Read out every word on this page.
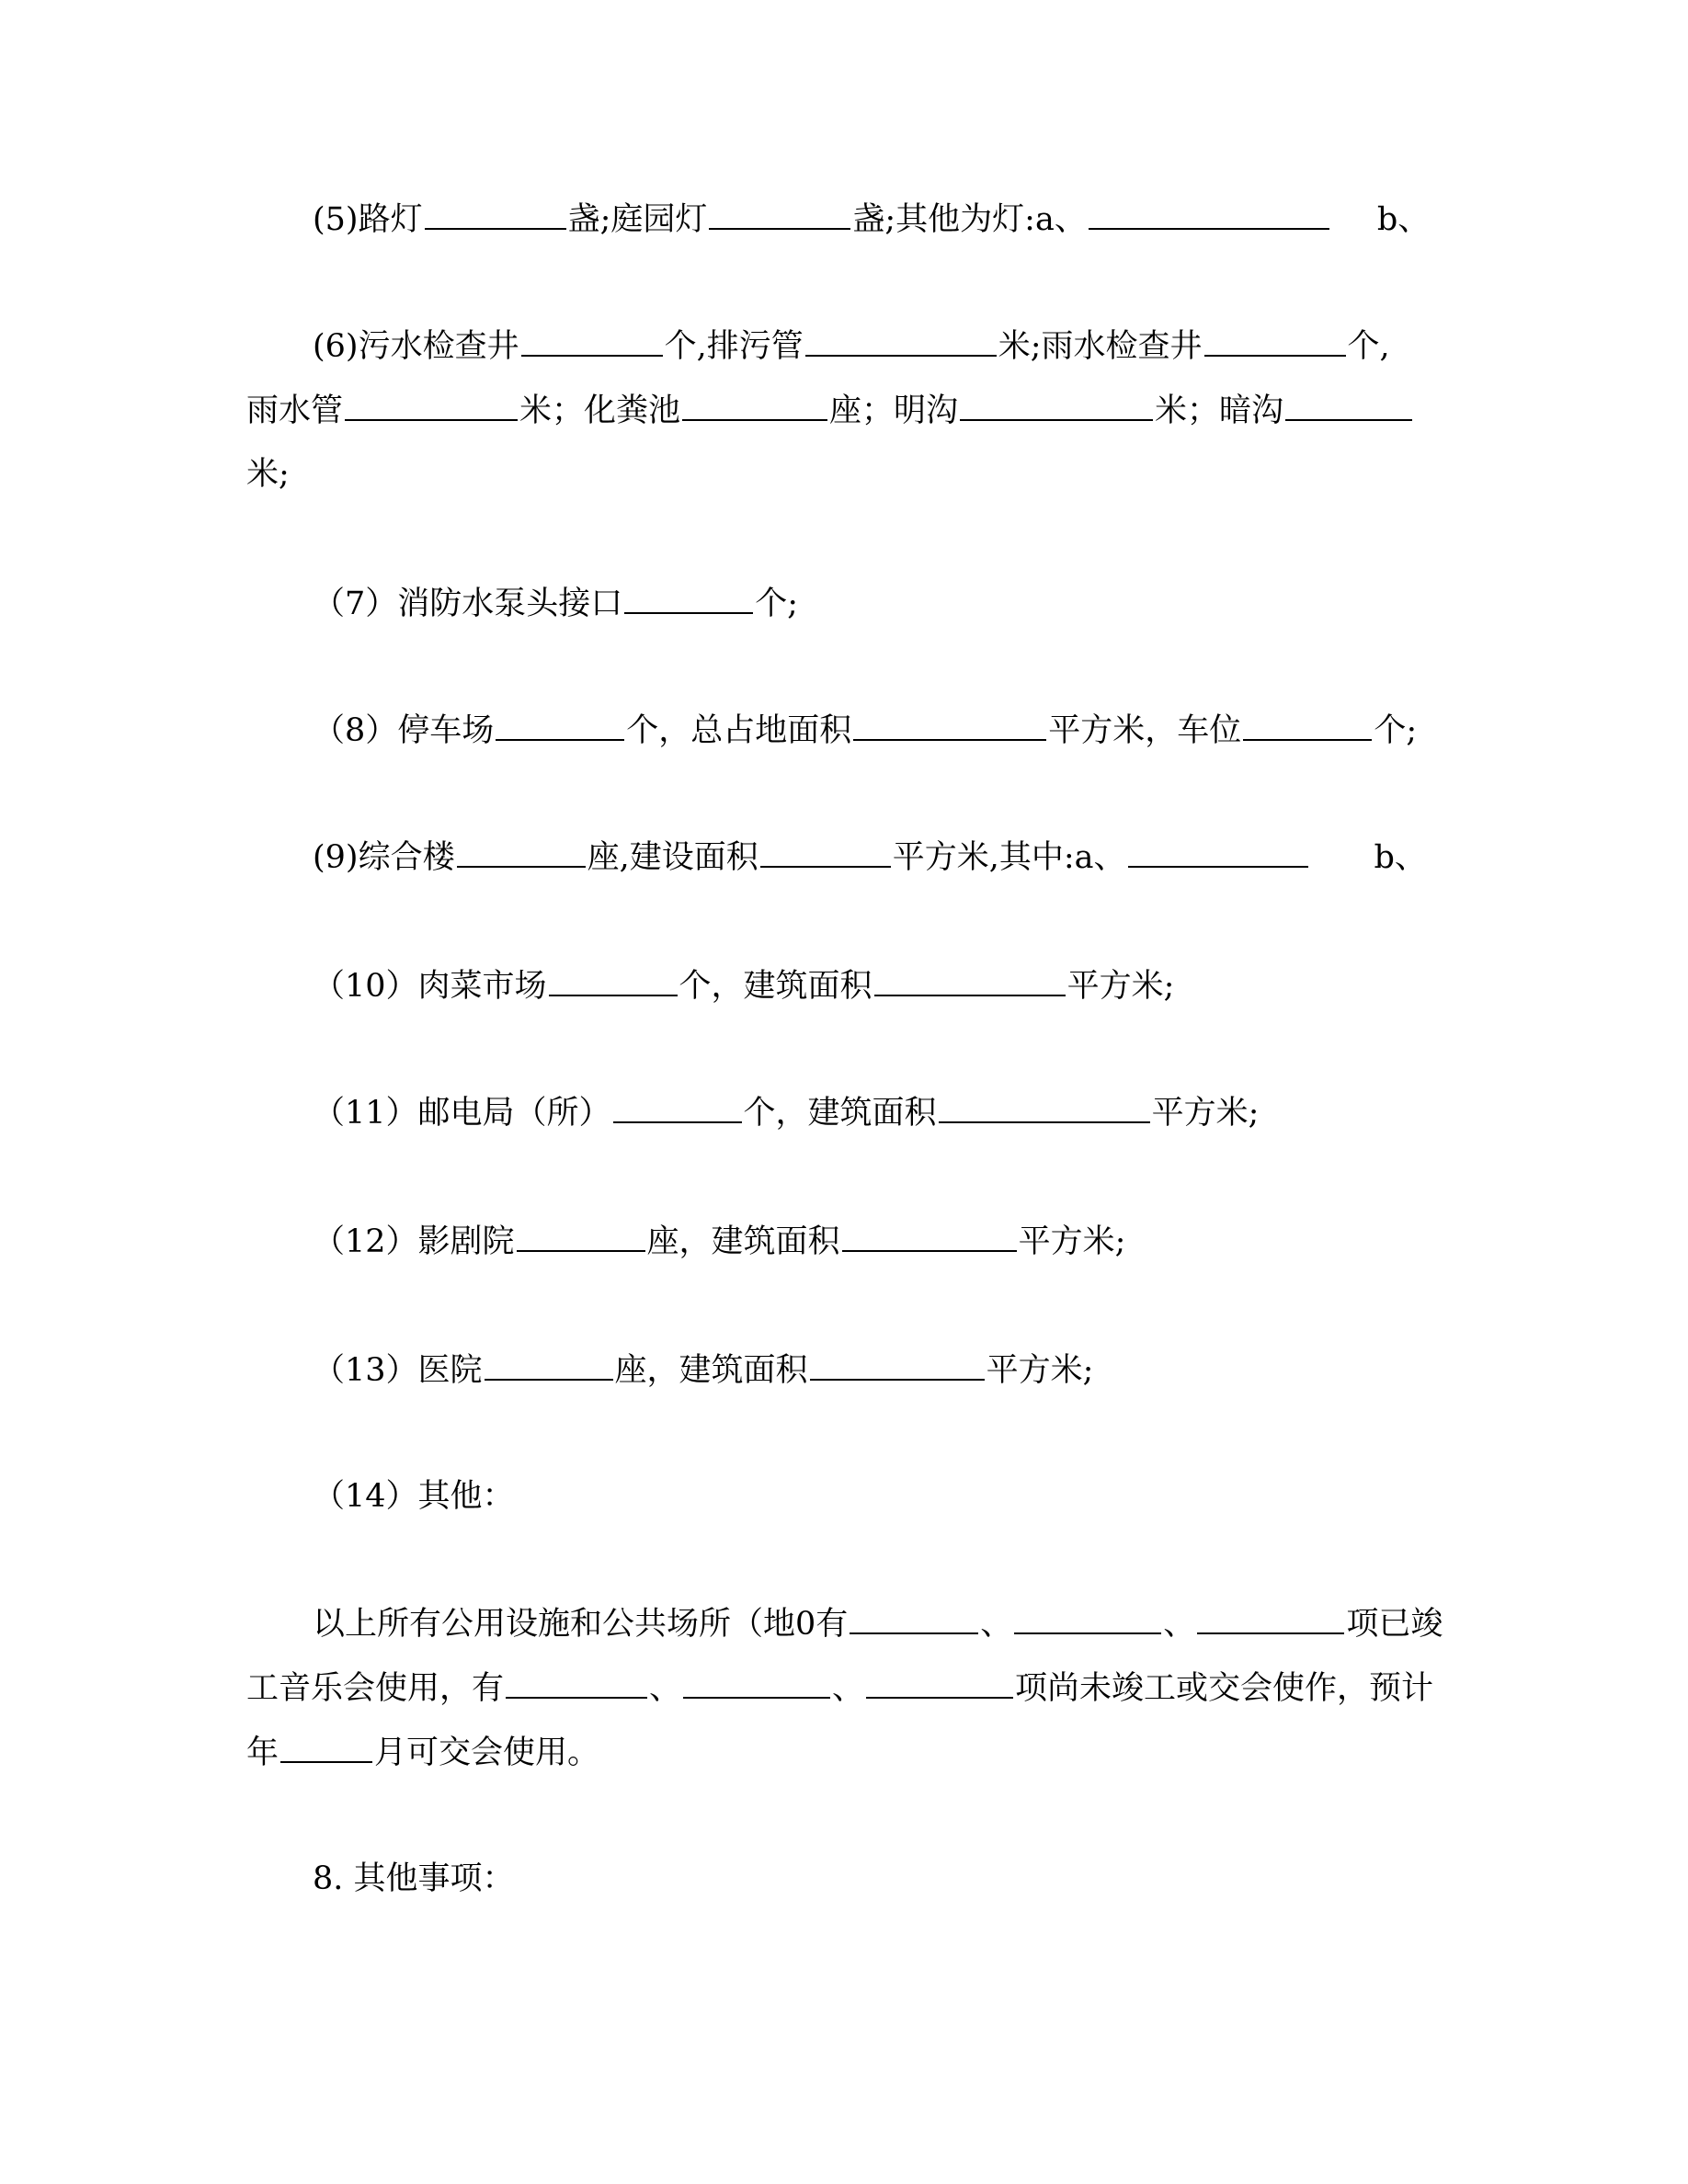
(5)路灯	盏;庭园灯	盏;其他为灯:a、	b、
(6)污水检查井	个,排污管	米;雨水检查井	个,
雨水管	米；化粪池	座；明沟	米；暗沟
米;
（7）消防水泵头接口	个;
（8）停车场	个，总占地面积	平方米，车位	个;
(9)综合楼	座,建设面积	平方米,其中:a、	b、
（10）肉菜市场	个，建筑面积	平方米;
（11）邮电局（所）	个，建筑面积	平方米;
（12）影剧院	座，建筑面积	平方米;
（13）医院	座，建筑面积	平方米;
（14）其他：
以上所有公用设施和公共场所（地0有	、	、	项已竣
工音乐会使用，有	、	、	项尚未竣工或交会使作，预计
年	月可交会使用。
8. 其他事项：
